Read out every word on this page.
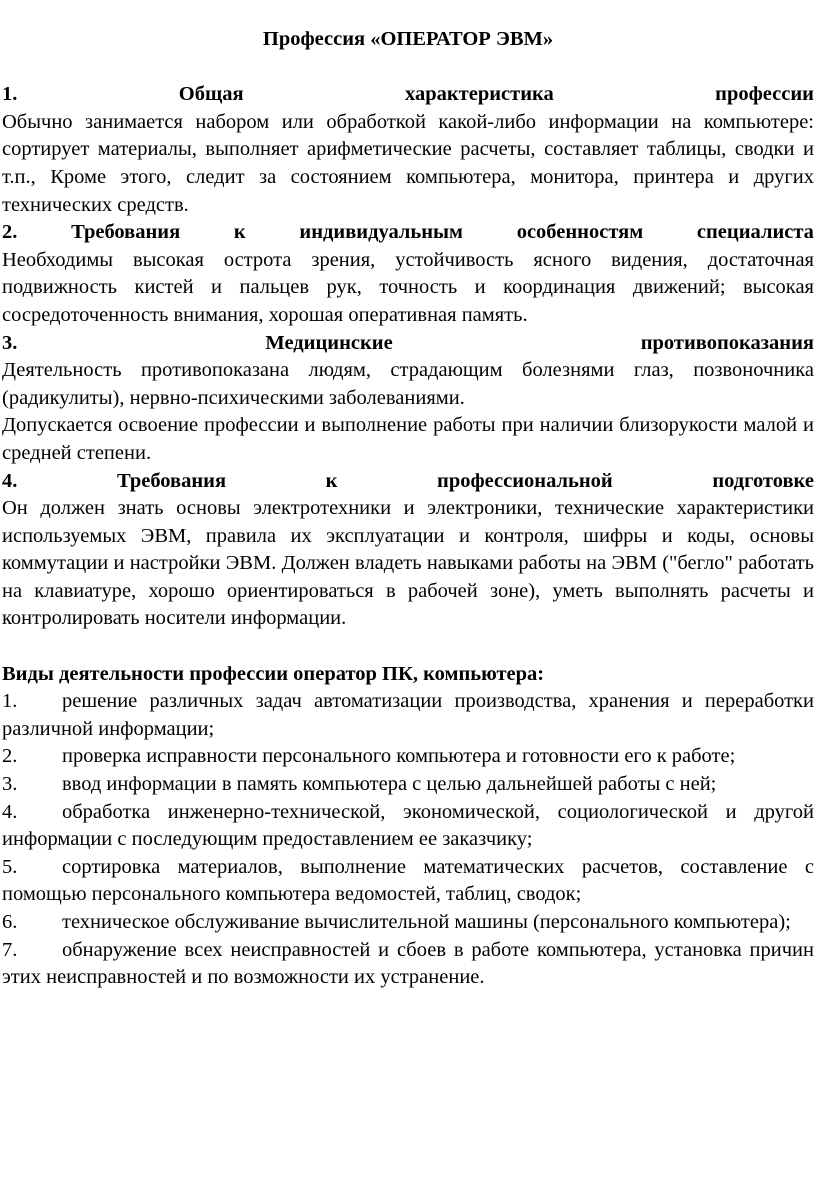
Профессия «ОПЕРАТОР ЭВМ»
1.	Общая	характеристика	профессии

Обычно занимается набором или обработкой какой-либо информации на компьютере: сортирует материалы, выполняет арифметические расчеты, составляет таблицы, сводки и т.п., Кроме этого, следит за состоянием компьютера, монитора, принтера и других технических средств.

2.	Требования	к	индивидуальным	особенностям	специалиста

Необходимы высокая острота зрения, устойчивость ясного видения, достаточная подвижность кистей и пальцев рук, точность и координация движений; высокая сосредоточенность внимания, хорошая оперативная память.

3.	Медицинские	противопоказания

Деятельность противопоказана людям, страдающим болезнями глаз, позвоночника (радикулиты), нервно-психическими заболеваниями.

Допускается освоение профессии и выполнение работы при наличии близорукости малой и средней степени.

4.	Требования	к	профессиональной	подготовке

Он должен знать основы электротехники и электроники, технические характеристики используемых ЭВМ, правила их эксплуатации и контроля, шифры и коды, основы коммутации и настройки ЭВМ. Должен владеть навыками работы на ЭВМ ("бегло" работать на клавиатуре, хорошо ориентироваться в рабочей зоне), уметь выполнять расчеты и контролировать носители информации.

Виды деятельности профессии оператор ПК, компьютера:

1. решение различных задач автоматизации производства, хранения и переработки различной информации;

2. проверка исправности персонального компьютера и готовности его к работе;

3. ввод информации в память компьютера с целью дальнейшей работы с ней;

4. обработка инженерно-технической, экономической, социологической и другой информации с последующим предоставлением ее заказчику;

5. сортировка материалов, выполнение математических расчетов, составление с помощью персонального компьютера ведомостей, таблиц, сводок;

6. техническое обслуживание вычислительной машины (персонального компьютера);

7. обнаружение всех неисправностей и сбоев в работе компьютера, установка причин этих неисправностей и по возможности их устранение.
